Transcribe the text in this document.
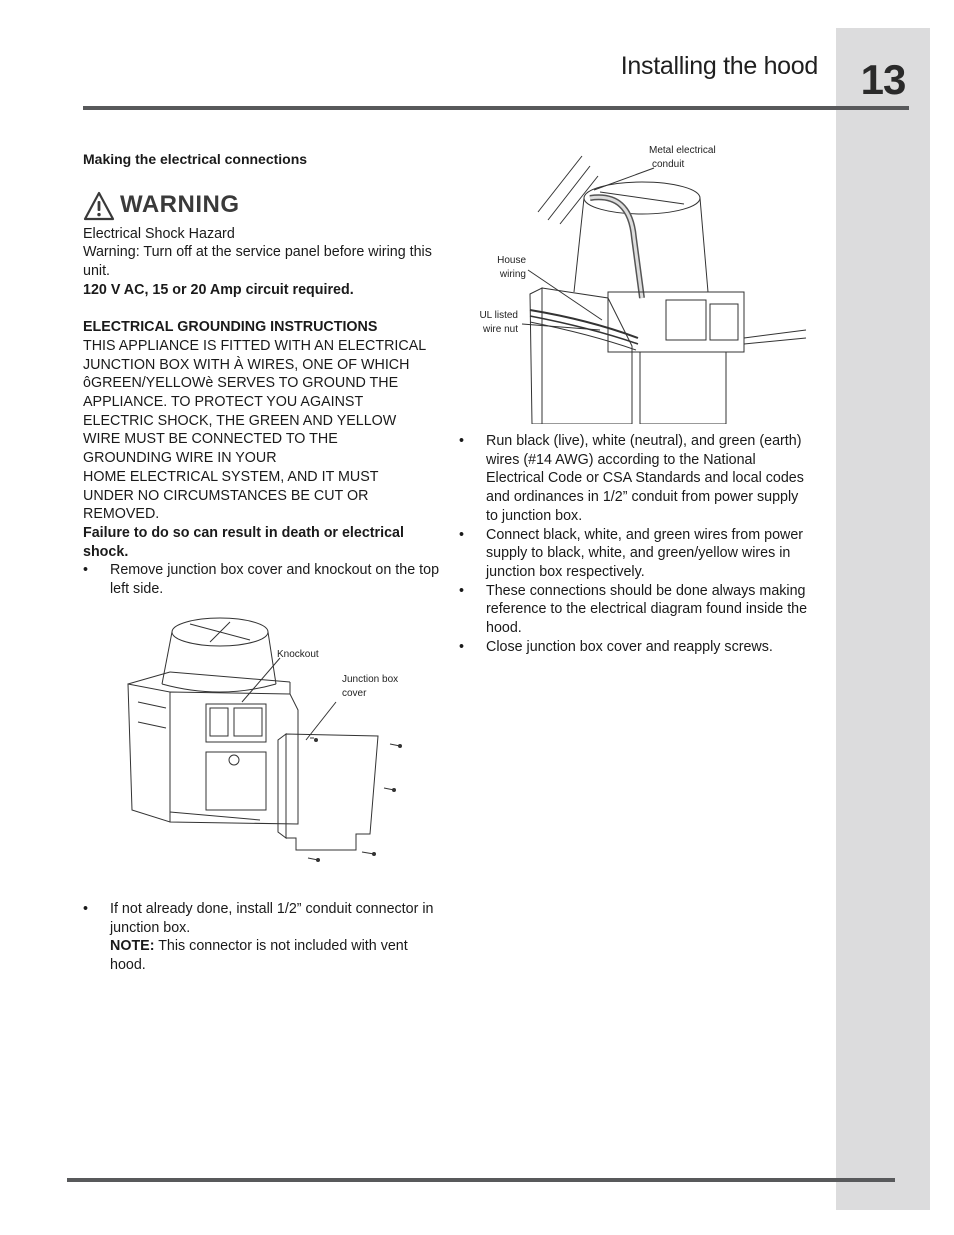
13
Installing the hood

Making the electrical connections

WARNING

Electrical Shock Hazard

Warning: Turn off at the service panel before wiring this unit.

120 V AC, 15 or 20 Amp circuit required.

ELECTRICAL GROUNDING INSTRUCTIONS

THIS APPLIANCE IS FITTED WITH AN ELECTRICAL
JUNCTION BOX WITH À WIRES, ONE OF WHICH
ôGREEN/YELLOWè SERVES TO GROUND THE
APPLIANCE. TO PROTECT YOU AGAINST
ELECTRIC SHOCK, THE GREEN AND YELLOW
WIRE MUST BE CONNECTED TO THE
GROUNDING WIRE IN YOUR
HOME ELECTRICAL SYSTEM, AND IT MUST
UNDER NO CIRCUMSTANCES BE CUT OR
REMOVED.

Failure to do so can result in death or electrical shock.

•	Remove junction box cover and knockout on the top left side.
•	If not already done, install 1/2” conduit connector in junction box.
NOTE: This connector is not included with vent hood.
Knockout
Junction box
cover
Metal electrical
conduit
House
wiring
UL listed
wire nut
•	Run black (live), white (neutral), and green (earth) wires (#14 AWG) according to the National Electrical Code or CSA Standards and local codes and ordinances in 1/2” conduit from power supply to junction box.
•	Connect black, white, and green wires from power supply to black, white, and green/yellow wires in junction box respectively.
•	These connections should be done always making reference to the electrical diagram found inside the hood.
•	Close junction box cover and reapply screws.
